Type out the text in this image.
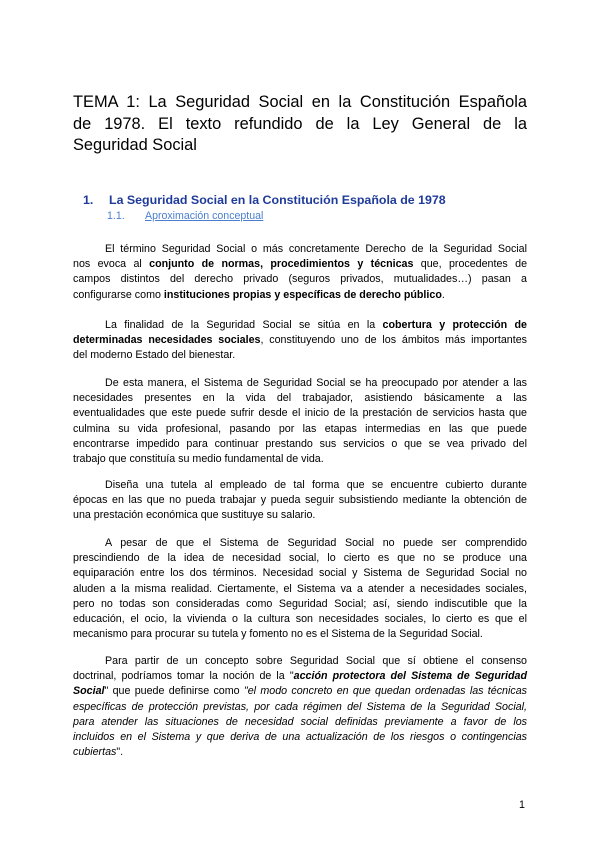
TEMA 1: La Seguridad Social en la Constitución Española
de 1978. El texto refundido de la Ley General de la
Seguridad Social
1. La Seguridad Social en la Constitución Española de 1978
1.1. Aproximación conceptual
El término Seguridad Social o más concretamente Derecho de la Seguridad Social
nos evoca al conjunto de normas, procedimientos y técnicas que, procedentes de
campos distintos del derecho privado (seguros privados, mutualidades…) pasan a
configurarse como instituciones propias y específicas de derecho público.
La finalidad de la Seguridad Social se sitúa en la cobertura y protección de
determinadas necesidades sociales, constituyendo uno de los ámbitos más importantes
del moderno Estado del bienestar.
De esta manera, el Sistema de Seguridad Social se ha preocupado por atender a las
necesidades presentes en la vida del trabajador, asistiendo básicamente a las
eventualidades que este puede sufrir desde el inicio de la prestación de servicios hasta que
culmina su vida profesional, pasando por las etapas intermedias en las que puede
encontrarse impedido para continuar prestando sus servicios o que se vea privado del
trabajo que constituía su medio fundamental de vida.
Diseña una tutela al empleado de tal forma que se encuentre cubierto durante
épocas en las que no pueda trabajar y pueda seguir subsistiendo mediante la obtención de
una prestación económica que sustituye su salario.
A pesar de que el Sistema de Seguridad Social no puede ser comprendido
prescindiendo de la idea de necesidad social, lo cierto es que no se produce una
equiparación entre los dos términos. Necesidad social y Sistema de Seguridad Social no
aluden a la misma realidad. Ciertamente, el Sistema va a atender a necesidades sociales,
pero no todas son consideradas como Seguridad Social; así, siendo indiscutible que la
educación, el ocio, la vivienda o la cultura son necesidades sociales, lo cierto es que el
mecanismo para procurar su tutela y fomento no es el Sistema de la Seguridad Social.
Para partir de un concepto sobre Seguridad Social que sí obtiene el consenso
doctrinal, podríamos tomar la noción de la "acción protectora del Sistema de Seguridad
Social" que puede definirse como "el modo concreto en que quedan ordenadas las técnicas
específicas de protección previstas, por cada régimen del Sistema de la Seguridad Social,
para atender las situaciones de necesidad social definidas previamente a favor de los
incluidos en el Sistema y que deriva de una actualización de los riesgos o contingencias
cubiertas".
1
